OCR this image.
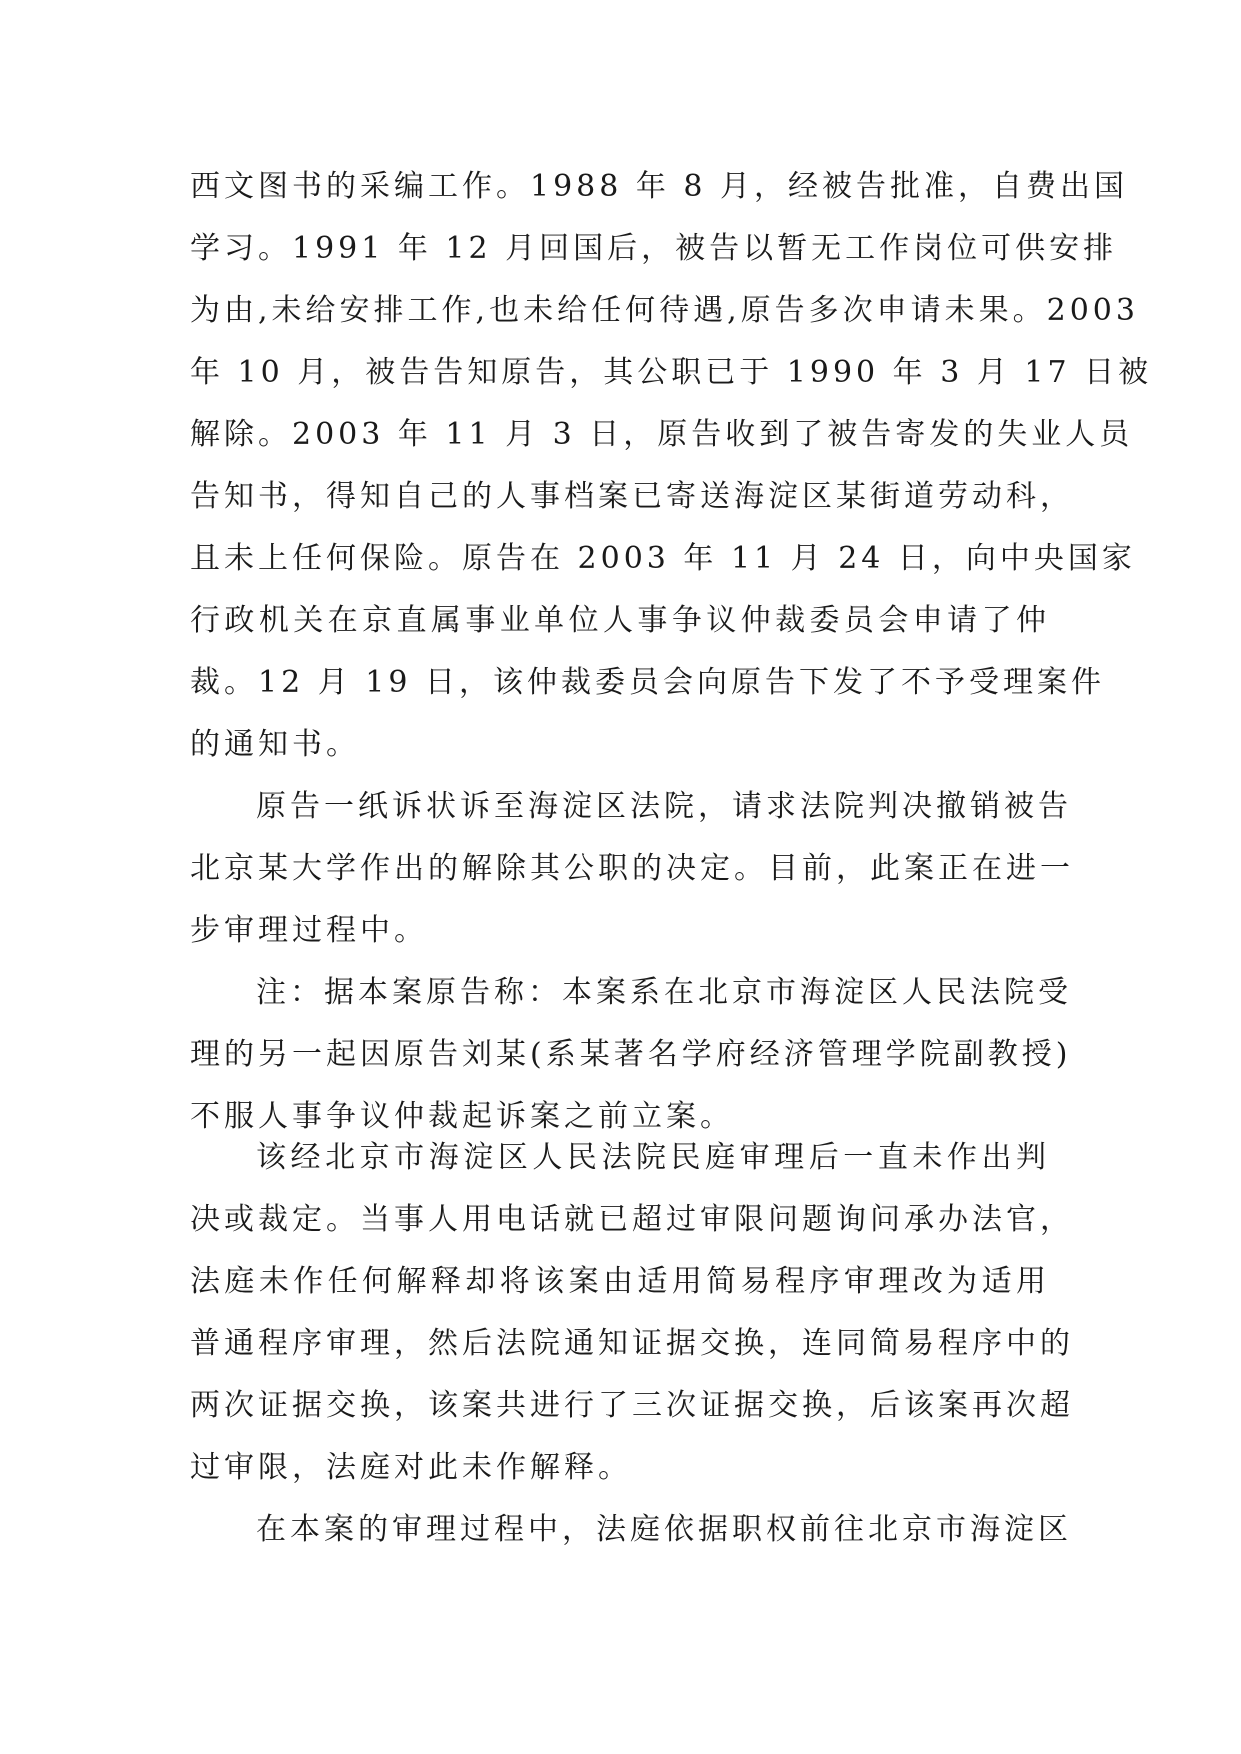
西文图书的采编工作。1988 年 8 月，经被告批准，自费出国
学习。1991 年 12 月回国后，被告以暂无工作岗位可供安排
为由,未给安排工作,也未给任何待遇,原告多次申请未果。2003
年 10 月，被告告知原告，其公职已于 1990 年 3 月 17 日被
解除。2003 年 11 月 3 日，原告收到了被告寄发的失业人员
告知书，得知自己的人事档案已寄送海淀区某街道劳动科，
且未上任何保险。原告在 2003 年 11 月 24 日，向中央国家
行政机关在京直属事业单位人事争议仲裁委员会申请了仲
裁。12 月 19 日，该仲裁委员会向原告下发了不予受理案件
的通知书。
原告一纸诉状诉至海淀区法院，请求法院判决撤销被告
北京某大学作出的解除其公职的决定。目前，此案正在进一
步审理过程中。
注：据本案原告称：本案系在北京市海淀区人民法院受
理的另一起因原告刘某(系某著名学府经济管理学院副教授)
不服人事争议仲裁起诉案之前立案。
该经北京市海淀区人民法院民庭审理后一直未作出判
决或裁定。当事人用电话就已超过审限问题询问承办法官，
法庭未作任何解释却将该案由适用简易程序审理改为适用
普通程序审理，然后法院通知证据交换，连同简易程序中的
两次证据交换，该案共进行了三次证据交换，后该案再次超
过审限，法庭对此未作解释。
在本案的审理过程中，法庭依据职权前往北京市海淀区
